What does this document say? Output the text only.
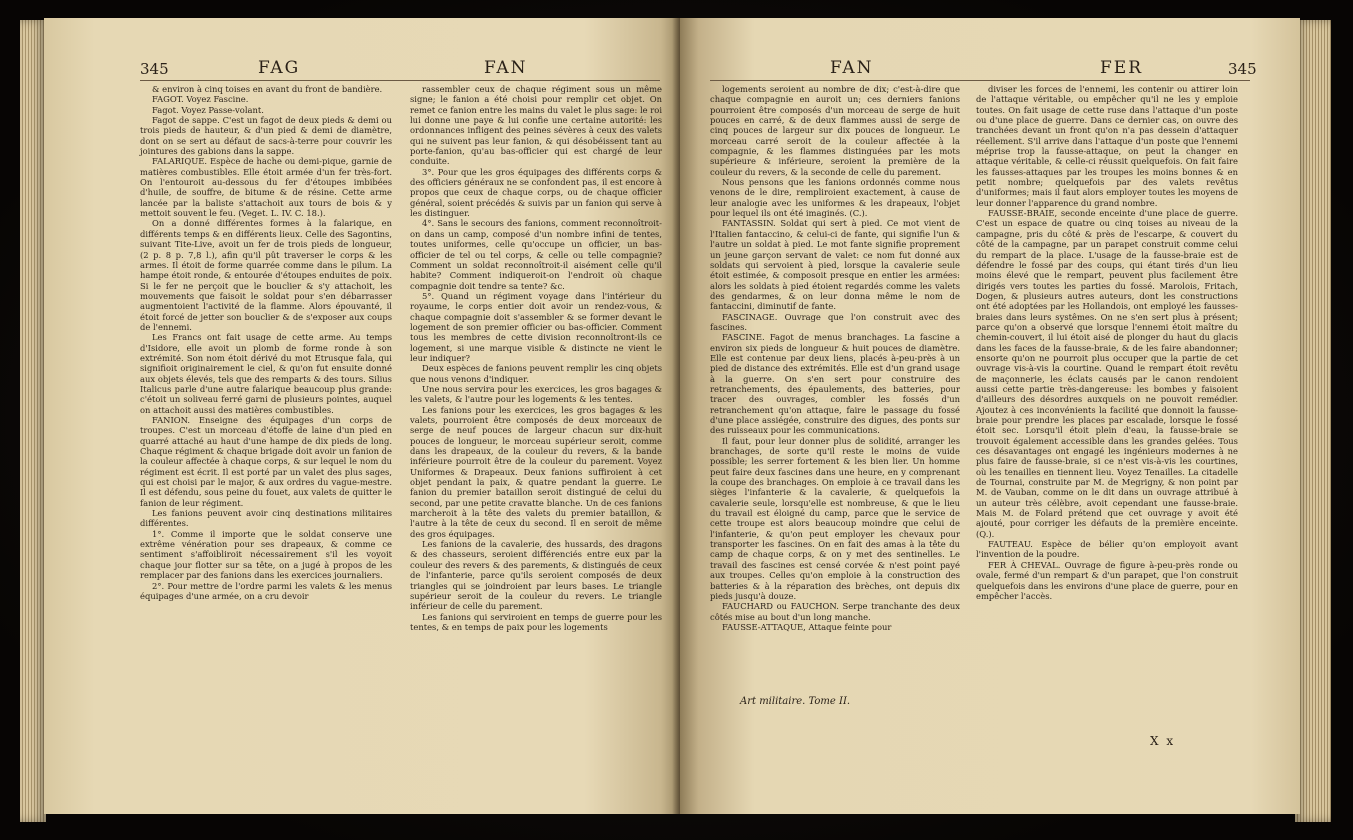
345	FAG	FAN

& environ à cinq toises en avant du front de bandière.

FAGOT. Voyez Fascine.

Fagot. Voyez Passe-volant.

Fagot de sappe. C'est un fagot de deux pieds & demi ou trois pieds de hauteur, & d'un pied & demi de diamètre, dont on se sert au défaut de sacs-à-terre pour couvrir les jointures des gabions dans la sappe.

FALARIQUE. Espèce de hache ou demi-pique, garnie de matières combustibles. Elle étoit armée d'un fer très-fort. On l'entouroit au-dessous du fer d'étoupes imbibées d'huile, de souffre, de bitume & de résine. Cette arme lancée par la baliste s'attachoit aux tours de bois & y mettoit souvent le feu. (Veget. L. IV. C. 18.).

On a donné différentes formes à la falarique, en différents temps & en différents lieux. Celle des Sagontins, suivant Tite-Live, avoit un fer de trois pieds de longueur, (2 p. 8 p. 7,8 l.), afin qu'il pût traverser le corps & les armes. Il étoit de forme quarrée comme dans le pilum. La hampe étoit ronde, & entourée d'étoupes enduites de poix. Si le fer ne perçoit que le bouclier & s'y attachoit, les mouvements que faisoit le soldat pour s'en débarrasser augmentoient l'activité de la flamme. Alors épouvanté, il étoit forcé de jetter son bouclier & de s'exposer aux coups de l'ennemi.

Les Francs ont fait usage de cette arme. Au temps d'Isidore, elle avoit un plomb de forme ronde à son extrémité. Son nom étoit dérivé du mot Etrusque fala, qui signifioit originairement le ciel, & qu'on fut ensuite donné aux objets élevés, tels que des remparts & des tours. Silius Italicus parle d'une autre falarique beaucoup plus grande: c'étoit un soliveau ferré garni de plusieurs pointes, auquel on attachoit aussi des matières combustibles.

FANION. Enseigne des équipages d'un corps de troupes. C'est un morceau d'étoffe de laine d'un pied en quarré attaché au haut d'une hampe de dix pieds de long. Chaque régiment & chaque brigade doit avoir un fanion de la couleur affectée à chaque corps, & sur lequel le nom du régiment est écrit. Il est porté par un valet des plus sages, qui est choisi par le major, & aux ordres du vague-mestre. Il est défendu, sous peine du fouet, aux valets de quitter le fanion de leur régiment.

Les fanions peuvent avoir cinq destinations militaires différentes.

1°. Comme il importe que le soldat conserve une extrême vénération pour ses drapeaux, & comme ce sentiment s'affoibliroit nécessairement s'il les voyoit chaque jour flotter sur sa tête, on a jugé à propos de les remplacer par des fanions dans les exercices journaliers.

2°. Pour mettre de l'ordre parmi les valets & les menus équipages d'une armée, on a cru devoir

rassembler ceux de chaque régiment sous un même signe; le fanion a été choisi pour remplir cet objet. On remet ce fanion entre les mains du valet le plus sage: le roi lui donne une paye & lui confie une certaine autorité: les ordonnances infligent des peines sévères à ceux des valets qui ne suivent pas leur fanion, & qui désobéissent tant au porte-fanion, qu'au bas-officier qui est chargé de leur conduite.

3°. Pour que les gros équipages des différents corps & des officiers généraux ne se confondent pas, il est encore à propos que ceux de chaque corps, ou de chaque officier général, soient précédés & suivis par un fanion qui serve à les distinguer.

4°. Sans le secours des fanions, comment reconnoîtroit-on dans un camp, composé d'un nombre infini de tentes, toutes uniformes, celle qu'occupe un officier, un bas-officier de tel ou tel corps, & celle ou telle compagnie? Comment un soldat reconnoîtroit-il aisément celle qu'il habite? Comment indiqueroit-on l'endroit où chaque compagnie doit tendre sa tente? &c.

5°. Quand un régiment voyage dans l'intérieur du royaume, le corps entier doit avoir un rendez-vous, & chaque compagnie doit s'assembler & se former devant le logement de son premier officier ou bas-officier. Comment tous les membres de cette division reconnoîtront-ils ce logement, si une marque visible & distincte ne vient le leur indiquer?

Deux espèces de fanions peuvent remplir les cinq objets que nous venons d'indiquer.

Une nous servira pour les exercices, les gros bagages & les valets, & l'autre pour les logements & les tentes.

Les fanions pour les exercices, les gros bagages & les valets, pourroient être composés de deux morceaux de serge de neuf pouces de largeur chacun sur dix-huit pouces de longueur, le morceau supérieur seroit, comme dans les drapeaux, de la couleur du revers, & la bande inférieure pourroit être de la couleur du parement. Voyez Uniformes & Drapeaux. Deux fanions suffiroient à cet objet pendant la paix, & quatre pendant la guerre. Le fanion du premier bataillon seroit distingué de celui du second, par une petite cravatte blanche. Un de ces fanions marcheroit à la tête des valets du premier bataillon, & l'autre à la tête de ceux du second. Il en seroit de même des gros équipages.

Les fanions de la cavalerie, des hussards, des dragons & des chasseurs, seroient différenciés entre eux par la couleur des revers & des parements, & distingués de ceux de l'infanterie, parce qu'ils seroient composés de deux triangles qui se joindroient par leurs bases. Le triangle supérieur seroit de la couleur du revers. Le triangle inférieur de celle du parement.

Les fanions qui serviroient en temps de guerre pour les tentes, & en temps de paix pour les logements

FAN	FER	345

logements seroient au nombre de dix; c'est-à-dire que chaque compagnie en auroit un; ces derniers fanions pourroient être composés d'un morceau de serge de huit pouces en carré, & de deux flammes aussi de serge de cinq pouces de largeur sur dix pouces de longueur. Le morceau carré seroit de la couleur affectée à la compagnie, & les flammes distinguées par les mots supérieure & inférieure, seroient la première de la couleur du revers, & la seconde de celle du parement.

Nous pensons que les fanions ordonnés comme nous venons de le dire, rempliroient exactement, à cause de leur analogie avec les uniformes & les drapeaux, l'objet pour lequel ils ont été imaginés. (C.).

FANTASSIN. Soldat qui sert à pied. Ce mot vient de l'Italien fantaccino, & celui-ci de fante, qui signifie l'un & l'autre un soldat à pied. Le mot fante signifie proprement un jeune garçon servant de valet: ce nom fut donné aux soldats qui servoient à pied, lorsque la cavalerie seule étoit estimée, & composoit presque en entier les armées: alors les soldats à pied étoient regardés comme les valets des gendarmes, & on leur donna même le nom de fantaccini, diminutif de fante.

FASCINAGE. Ouvrage que l'on construit avec des fascines.

FASCINE. Fagot de menus branchages. La fascine a environ six pieds de longueur & huit pouces de diamètre. Elle est contenue par deux liens, placés à-peu-près à un pied de distance des extrémités. Elle est d'un grand usage à la guerre. On s'en sert pour construire des retranchements, des épaulements, des batteries, pour tracer des ouvrages, combler les fossés d'un retranchement qu'on attaque, faire le passage du fossé d'une place assiégée, construire des digues, des ponts sur des ruisseaux pour les communications.

Il faut, pour leur donner plus de solidité, arranger les branchages, de sorte qu'il reste le moins de vuide possible; les serrer fortement & les bien lier. Un homme peut faire deux fascines dans une heure, en y comprenant la coupe des branchages. On emploie à ce travail dans les sièges l'infanterie & la cavalerie, & quelquefois la cavalerie seule, lorsqu'elle est nombreuse, & que le lieu du travail est éloigné du camp, parce que le service de cette troupe est alors beaucoup moindre que celui de l'infanterie, & qu'on peut employer les chevaux pour transporter les fascines. On en fait des amas à la tête du camp de chaque corps, & on y met des sentinelles. Le travail des fascines est censé corvée & n'est point payé aux troupes. Celles qu'on emploie à la construction des batteries & à la réparation des brèches, ont depuis dix pieds jusqu'à douze.

FAUCHARD ou FAUCHON. Serpe tranchante des deux côtés mise au bout d'un long manche.

FAUSSE-ATTAQUE, Attaque feinte pour

diviser les forces de l'ennemi, les contenir ou attirer loin de l'attaque véritable, ou empêcher qu'il ne les y emploie toutes. On fait usage de cette ruse dans l'attaque d'un poste ou d'une place de guerre. Dans ce dernier cas, on ouvre des tranchées devant un front qu'on n'a pas dessein d'attaquer réellement. S'il arrive dans l'attaque d'un poste que l'ennemi méprise trop la fausse-attaque, on peut la changer en attaque véritable, & celle-ci réussit quelquefois. On fait faire les fausses-attaques par les troupes les moins bonnes & en petit nombre; quelquefois par des valets revêtus d'uniformes; mais il faut alors employer toutes les moyens de leur donner l'apparence du grand nombre.

FAUSSE-BRAIE, seconde enceinte d'une place de guerre. C'est un espace de quatre ou cinq toises au niveau de la campagne, pris du côté & près de l'escarpe, & couvert du côté de la campagne, par un parapet construit comme celui du rempart de la place. L'usage de la fausse-braie est de défendre le fossé par des coups, qui étant tirés d'un lieu moins élevé que le rempart, peuvent plus facilement être dirigés vers toutes les parties du fossé. Marolois, Fritach, Dogen, & plusieurs autres auteurs, dont les constructions ont été adoptées par les Hollandois, ont employé les fausses-braies dans leurs systêmes. On ne s'en sert plus à présent; parce qu'on a observé que lorsque l'ennemi étoit maître du chemin-couvert, il lui étoit aisé de plonger du haut du glacis dans les faces de la fausse-braie, & de les faire abandonner; ensorte qu'on ne pourroit plus occuper que la partie de cet ouvrage vis-à-vis la courtine. Quand le rempart étoit revêtu de maçonnerie, les éclats causés par le canon rendoient aussi cette partie très-dangereuse: les bombes y faisoient d'ailleurs des désordres auxquels on ne pouvoit remédier. Ajoutez à ces inconvénients la facilité que donnoit la fausse-braie pour prendre les places par escalade, lorsque le fossé étoit sec. Lorsqu'il étoit plein d'eau, la fausse-braie se trouvoit également accessible dans les grandes gelées. Tous ces désavantages ont engagé les ingénieurs modernes à ne plus faire de fausse-braie, si ce n'est vis-à-vis les courtines, où les tenailles en tiennent lieu. Voyez Tenailles. La citadelle de Tournai, construite par M. de Megrigny, & non point par M. de Vauban, comme on le dit dans un ouvrage attribué à un auteur très célèbre, avoit cependant une fausse-braie. Mais M. de Folard prétend que cet ouvrage y avoit été ajouté, pour corriger les défauts de la première enceinte. (Q.).

FAUTEAU. Espèce de bélier qu'on employoit avant l'invention de la poudre.

FER À CHEVAL. Ouvrage de figure à-peu-près ronde ou ovale, fermé d'un rempart & d'un parapet, que l'on construit quelquefois dans les environs d'une place de guerre, pour en empêcher l'accès.

Art militaire. Tome II.
X x
